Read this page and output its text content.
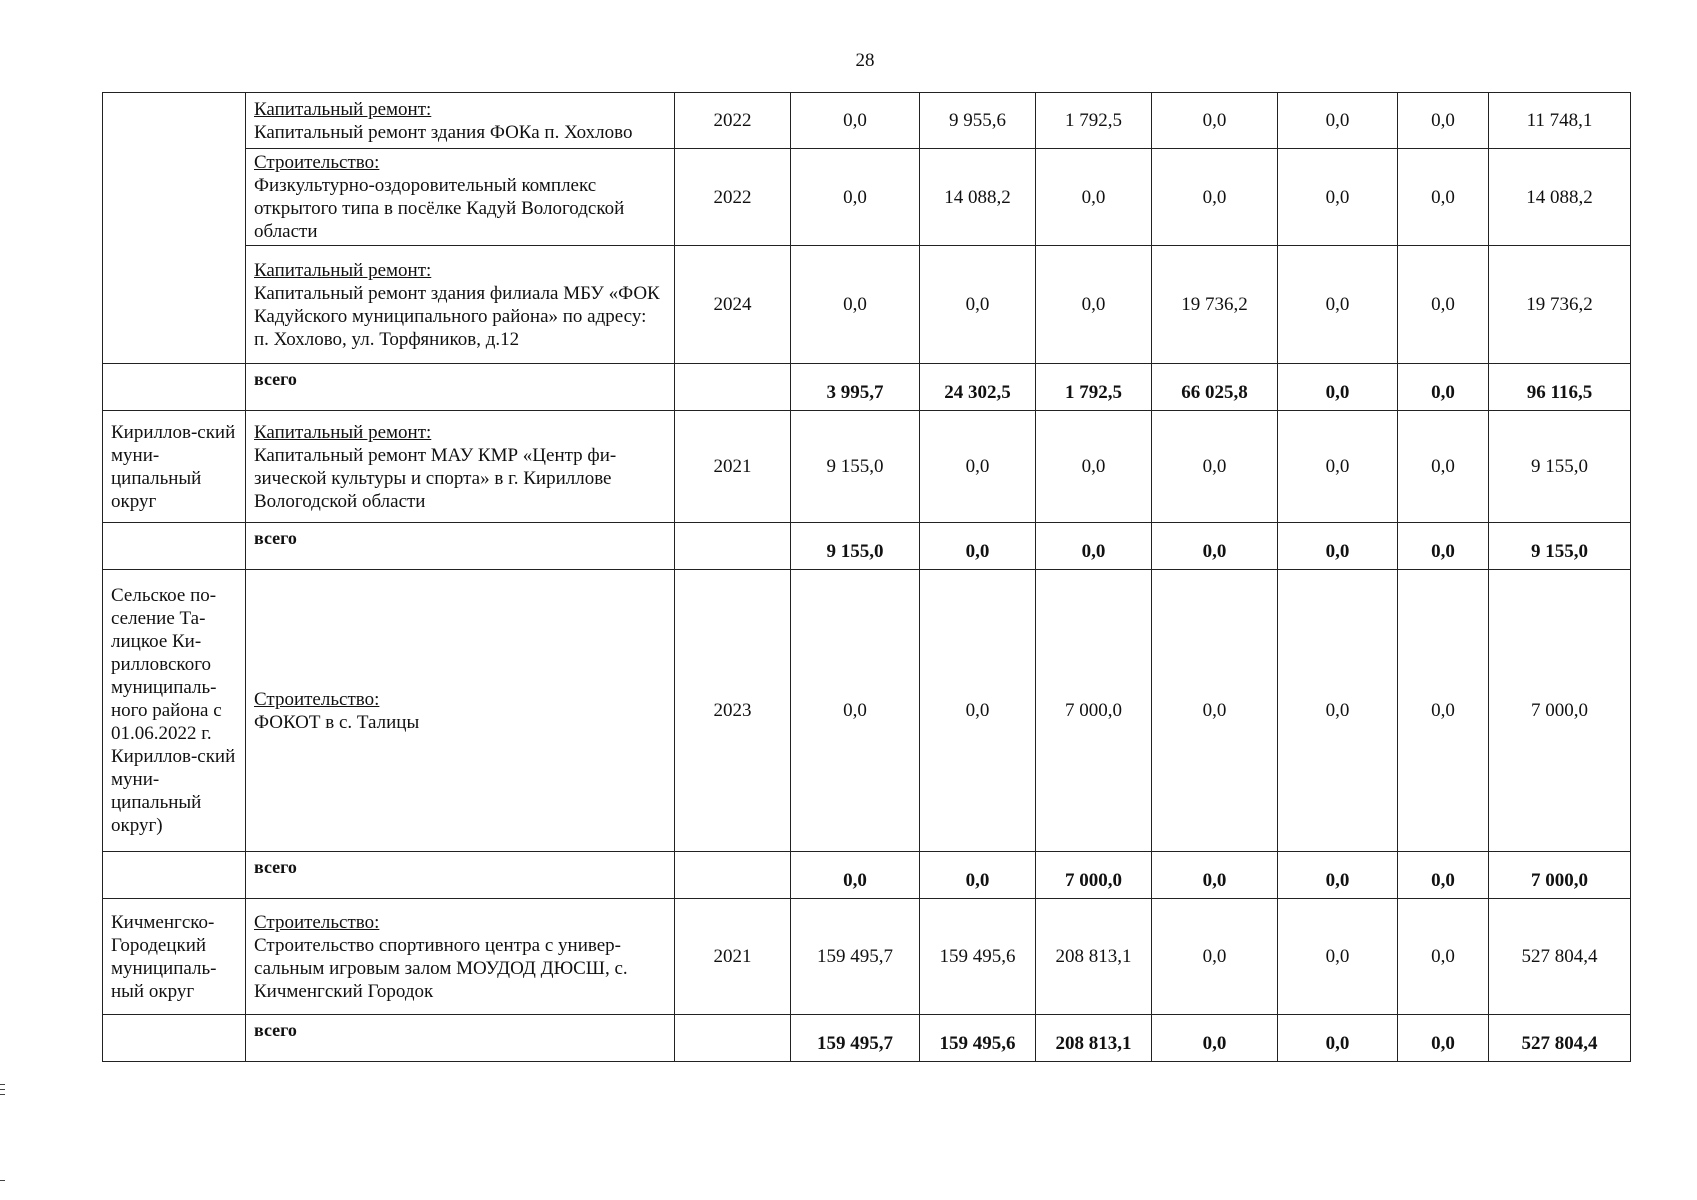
28

	Капитальный ремонт:
Капитальный ремонт здания ФОКа п. Хохлово	2022	0,0	9 955,6	1 792,5	0,0	0,0	0,0	11 748,1

	Строительство:
Физкультурно-оздоровительный комплекс открытого типа в посёлке Кадуй Вологодской области	2022	0,0	14 088,2	0,0	0,0	0,0	0,0	14 088,2

	Капитальный ремонт:
Капитальный ремонт здания филиала МБУ «ФОК Кадуйского муниципального района» по адресу: п. Хохлово, ул. Торфяников, д.12	2024	0,0	0,0	0,0	19 736,2	0,0	0,0	19 736,2
	всего		3 995,7	24 302,5	1 792,5	66 025,8	0,0	0,0	96 116,5
Кириллов-ский муни-ципальный округ	Капитальный ремонт:
Капитальный ремонт МАУ КМР «Центр фи-зической культуры и спорта» в г. Кириллове Вологодской области	2021	9 155,0	0,0	0,0	0,0	0,0	0,0	9 155,0
	всего		9 155,0	0,0	0,0	0,0	0,0	0,0	9 155,0
Сельское по-селение Та-лицкое Ки-рилловского муниципаль-ного района с 01.06.2022 г. Кириллов-ский муни-ципальный округ)	Строительство:
ФОКОТ в с. Талицы	2023	0,0	0,0	7 000,0	0,0	0,0	0,0	7 000,0
	всего		0,0	0,0	7 000,0	0,0	0,0	0,0	7 000,0
Кичменгско-Городецкий муниципаль-ный округ	Строительство:
Строительство спортивного центра с универ-сальным игровым залом МОУДОД ДЮСШ, с. Кичменгский Городок	2021	159 495,7	159 495,6	208 813,1	0,0	0,0	0,0	527 804,4
	всего		159 495,7	159 495,6	208 813,1	0,0	0,0	0,0	527 804,4
